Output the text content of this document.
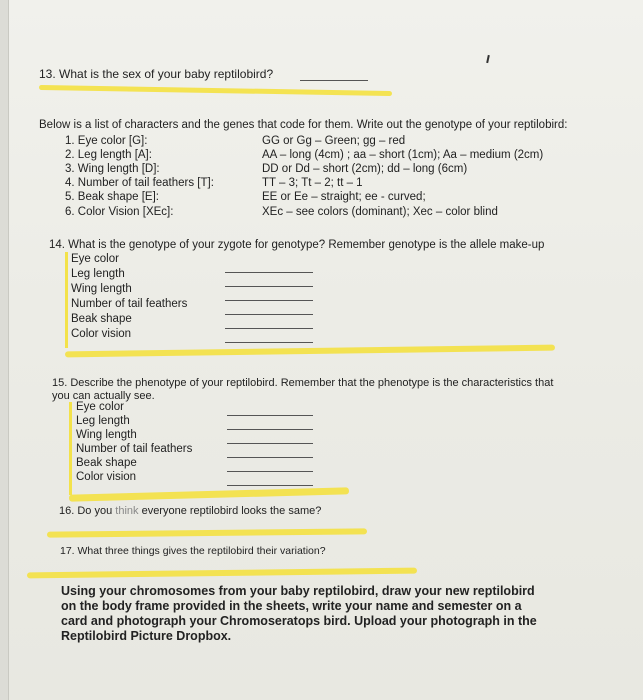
13. What is the sex of your baby reptilobird?
Below is a list of characters and the genes that code for them. Write out the genotype of your reptilobird:
1. Eye color [G]:	GG or Gg – Green; gg – red
2. Leg length [A]:	AA – long (4cm) ; aa – short (1cm); Aa – medium (2cm)
3. Wing length [D]:	DD or Dd – short (2cm); dd – long (6cm)
4. Number of tail feathers [T]:	TT – 3; Tt – 2; tt – 1
5. Beak shape [E]:	EE or Ee – straight; ee - curved;
6. Color Vision [XEc]:	XEc – see colors (dominant); Xec – color blind
14. What is the genotype of your zygote for genotype? Remember genotype is the allele make-up
Eye color
Leg length
Wing length
Number of tail feathers
Beak shape
Color vision
15. Describe the phenotype of your reptilobird. Remember that the phenotype is the characteristics that
you can actually see.
Eye color
Leg length
Wing length
Number of tail feathers
Beak shape
Color vision
16. Do you think everyone reptilobird looks the same?
17. What three things gives the reptilobird their variation?
Using your chromosomes from your baby reptilobird, draw your new reptilobird
on the body frame provided in the sheets, write your name and semester on a
card and photograph your Chromoseratops bird. Upload your photograph in the
Reptilobird Picture Dropbox.
